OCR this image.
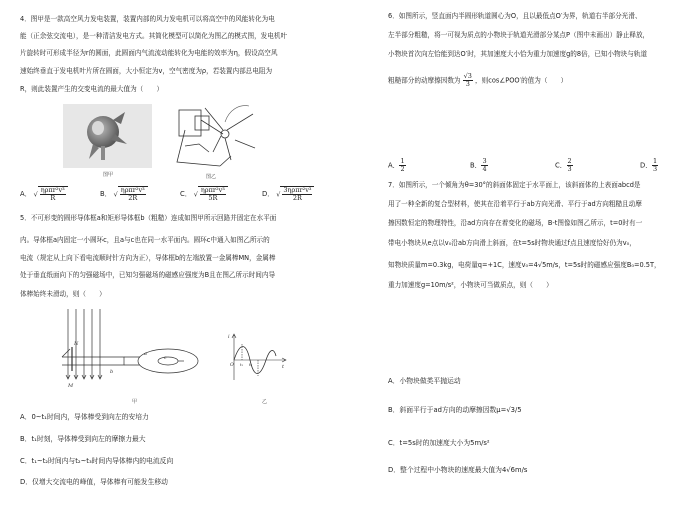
4．图甲是一款高空风力发电装置，装置内部的风力发电机可以将高空中的风能转化为电
能（正余弦交流电），是一种清洁发电方式。其简化模型可以简化为图乙的模式图，发电机叶
片旋转时可形成半径为r的圆面，此圆面内气流流动能转化为电能的效率为η，假设高空风
速始终垂直于发电机叶片所在圆面，大小恒定为v，空气密度为ρ，若装置内部总电阻为
R，则此装置产生的交变电流的最大值为（　　）
图甲	图乙
A． √ $\frac{\text{ηρπr²v³}}{R}$	B． √ $\frac{\text{ηρπr²v³}}{2R}$	C． √ $\frac{\text{ηρπr²v³}}{5R}$	D． √ $\frac{\text{3ηρπr²v³}}{2R}$
5．不可形变的圆形导体框a和矩形导体框b（粗糙）连成如图甲所示回路并固定在水平面
内。导体框a内固定一小圆环c，且a与c也在同一水平面内。圆环c中通入如图乙所示的
电流（规定从上向下看电流顺时针方向为正），导体框b的左端放置一金属棒MN，金属棒
处于垂直纸面向下的匀强磁场中，已知匀强磁场的磁感应强度为B且在图乙所示时间内导
体棒始终未滑动，则（　　）
M
N
a
c
b
甲
i
t
O t₁ t₂
乙
A．0~t₁时间内，导体棒受到向左的安培力
B．t₁时刻，导体棒受到向左的摩擦力最大
C．t₁~t₂时间内与t₂~t₃时间内导体棒内的电流反向
D．仅增大交流电的峰值，导体棒有可能发生移动
6．如图所示，竖直面内半圆形轨道圆心为O，且以最低点O′为界，轨道右半部分光滑、
左半部分粗糙，将一可视为质点的小物块于轨道光滑部分某点P（图中未画出）静止释放，
小物块首次向左恰能到达O′时，其加速度大小恰为重力加速度g的8倍，已知小物块与轨道
粗糙部分的动摩擦因数为 $\frac{√3}{3}$ ，则cos∠POO′的值为（　　）
A． $\frac{1}{2}$	B． $\frac{3}{4}$	C． $\frac{2}{3}$	D． $\frac{1}{3}$
7．如图所示，一个倾角为θ=30°的斜面体固定于水平面上，该斜面体的上表面abcd是
用了一种全新的复合型材料，使其在沿着平行于ab方向光滑、平行于ad方向粗糙且动摩
擦因数恒定的物理特性，沿ad方向存在着变化的磁场，B-t图像如图乙所示，t=0时有一
带电小物块从e点以v₀沿ab方向滑上斜面，在t=5s时物块通过f点且速度恰好仍为v₀，
知物块质量m=0.3kg，电荷量q=+1C，速度v₀=4√5m/s，t=5s时的磁感应强度B₀=0.5T，
重力加速度g=10m/s²，小物块可当做质点，则（　　）
A．小物块做类平抛运动
B．斜面平行于ad方向的动摩擦因数μ=√3/5
C．t=5s时的加速度大小为5m/s²
D．整个过程中小物块的速度最大值为4√6m/s
